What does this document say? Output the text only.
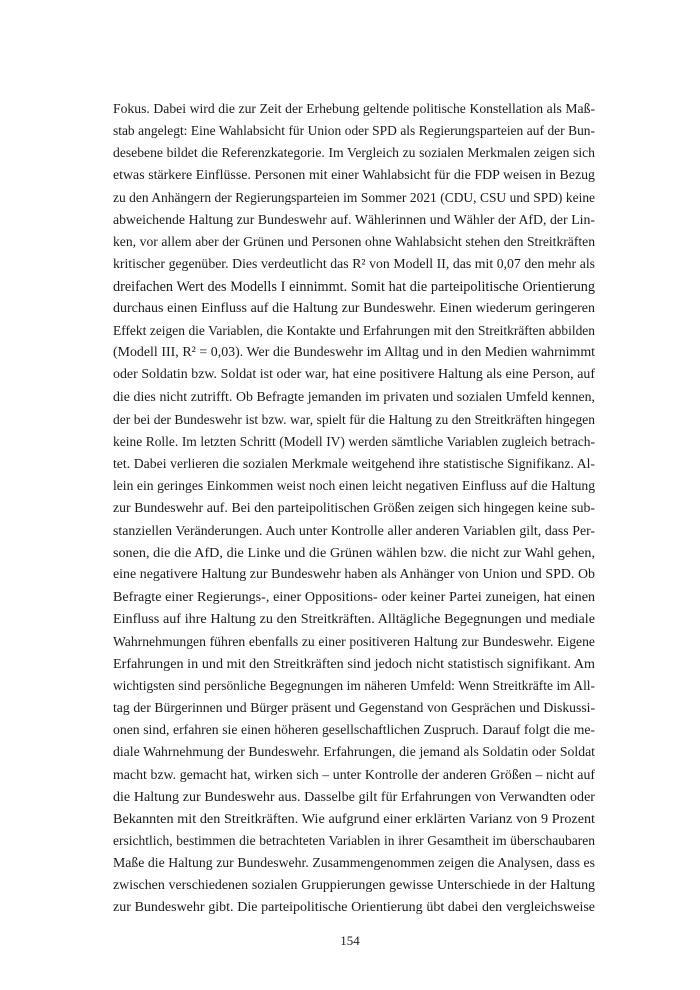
Fokus. Dabei wird die zur Zeit der Erhebung geltende politische Konstellation als Maß-
stab angelegt: Eine Wahlabsicht für Union oder SPD als Regierungsparteien auf der Bun-
desebene bildet die Referenzkategorie. Im Vergleich zu sozialen Merkmalen zeigen sich
etwas stärkere Einflüsse. Personen mit einer Wahlabsicht für die FDP weisen in Bezug
zu den Anhängern der Regierungsparteien im Sommer 2021 (CDU, CSU und SPD) keine
abweichende Haltung zur Bundeswehr auf. Wählerinnen und Wähler der AfD, der Lin-
ken, vor allem aber der Grünen und Personen ohne Wahlabsicht stehen den Streitkräften
kritischer gegenüber. Dies verdeutlicht das R² von Modell II, das mit 0,07 den mehr als
dreifachen Wert des Modells I einnimmt. Somit hat die parteipolitische Orientierung
durchaus einen Einfluss auf die Haltung zur Bundeswehr. Einen wiederum geringeren
Effekt zeigen die Variablen, die Kontakte und Erfahrungen mit den Streitkräften abbilden
(Modell III, R² = 0,03). Wer die Bundeswehr im Alltag und in den Medien wahrnimmt
oder Soldatin bzw. Soldat ist oder war, hat eine positivere Haltung als eine Person, auf
die dies nicht zutrifft. Ob Befragte jemanden im privaten und sozialen Umfeld kennen,
der bei der Bundeswehr ist bzw. war, spielt für die Haltung zu den Streitkräften hingegen
keine Rolle. Im letzten Schritt (Modell IV) werden sämtliche Variablen zugleich betrach-
tet. Dabei verlieren die sozialen Merkmale weitgehend ihre statistische Signifikanz. Al-
lein ein geringes Einkommen weist noch einen leicht negativen Einfluss auf die Haltung
zur Bundeswehr auf. Bei den parteipolitischen Größen zeigen sich hingegen keine sub-
stanziellen Veränderungen. Auch unter Kontrolle aller anderen Variablen gilt, dass Per-
sonen, die die AfD, die Linke und die Grünen wählen bzw. die nicht zur Wahl gehen,
eine negativere Haltung zur Bundeswehr haben als Anhänger von Union und SPD. Ob
Befragte einer Regierungs-, einer Oppositions- oder keiner Partei zuneigen, hat einen
Einfluss auf ihre Haltung zu den Streitkräften. Alltägliche Begegnungen und mediale
Wahrnehmungen führen ebenfalls zu einer positiveren Haltung zur Bundeswehr. Eigene
Erfahrungen in und mit den Streitkräften sind jedoch nicht statistisch signifikant. Am
wichtigsten sind persönliche Begegnungen im näheren Umfeld: Wenn Streitkräfte im All-
tag der Bürgerinnen und Bürger präsent und Gegenstand von Gesprächen und Diskussi-
onen sind, erfahren sie einen höheren gesellschaftlichen Zuspruch. Darauf folgt die me-
diale Wahrnehmung der Bundeswehr. Erfahrungen, die jemand als Soldatin oder Soldat
macht bzw. gemacht hat, wirken sich – unter Kontrolle der anderen Größen – nicht auf
die Haltung zur Bundeswehr aus. Dasselbe gilt für Erfahrungen von Verwandten oder
Bekannten mit den Streitkräften. Wie aufgrund einer erklärten Varianz von 9 Prozent
ersichtlich, bestimmen die betrachteten Variablen in ihrer Gesamtheit im überschaubaren
Maße die Haltung zur Bundeswehr. Zusammengenommen zeigen die Analysen, dass es
zwischen verschiedenen sozialen Gruppierungen gewisse Unterschiede in der Haltung
zur Bundeswehr gibt. Die parteipolitische Orientierung übt dabei den vergleichsweise
154
